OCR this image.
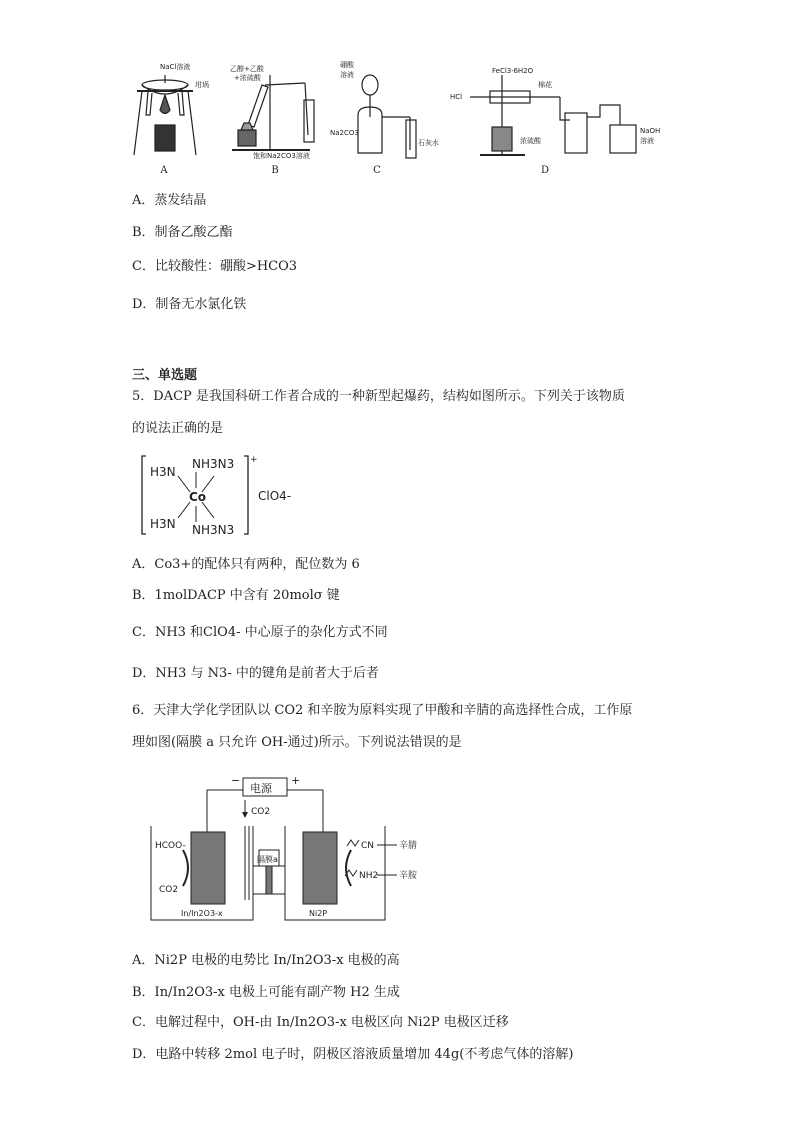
NaCl溶液
坩埚
乙醇+乙酸
+浓硫酸
饱和Na2CO3溶液
硼酸
溶液
Na2CO3
石灰水
HCl
FeCl3·6H2O
棉花
浓硫酸
NaOH
溶液
A	B	C	D
A．蒸发结晶
B．制备乙酸乙酯
C．比较酸性：硼酸>HCO3
D．制备无水氯化铁
三、单选题
5．DACP 是我国科研工作者合成的一种新型起爆药，结构如图所示。下列关于该物质
的说法正确的是
H3N
NH3N3
Co
H3N NH3N3
+
ClO4-
A．Co3+的配体只有两种，配位数为 6
B．1molDACP 中含有 20molσ 键
C．NH3 和ClO4- 中心原子的杂化方式不同
D．NH3 与 N3- 中的键角是前者大于后者
6．天津大学化学团队以 CO2 和辛胺为原料实现了甲酸和辛腈的高选择性合成，工作原
理如图(隔膜 a 只允许 OH-通过)所示。下列说法错误的是
电源
−	+
CO2
HCOO-
CO2
In/In2O3-x
隔膜a
Ni2P
CN	辛腈
NH2 辛胺
A．Ni2P 电极的电势比 In/In2O3-x 电极的高
B．In/In2O3-x 电极上可能有副产物 H2 生成
C．电解过程中，OH-由 In/In2O3-x 电极区向 Ni2P 电极区迁移
D．电路中转移 2mol 电子时，阴极区溶液质量增加 44g(不考虑气体的溶解)
